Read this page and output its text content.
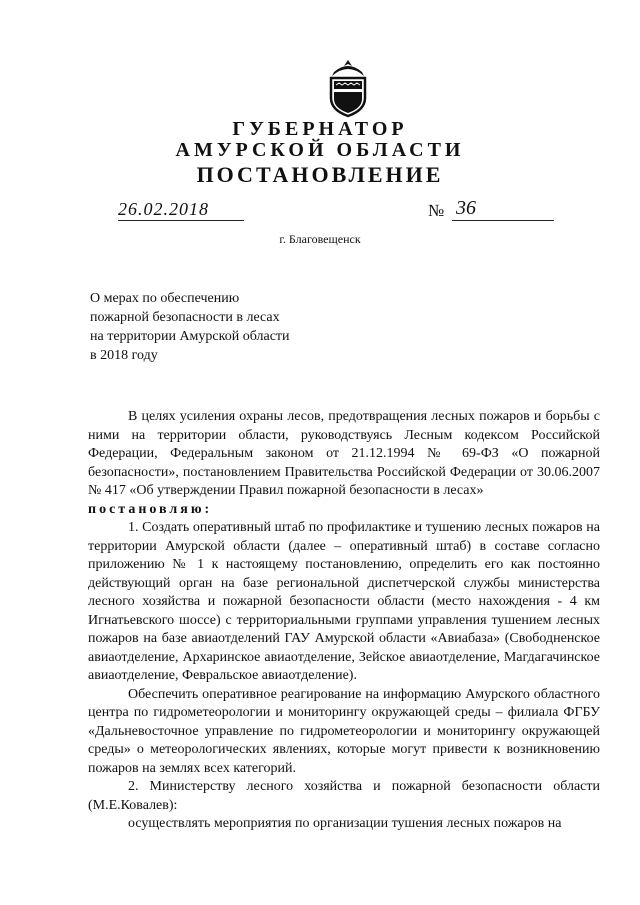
ГУБЕРНАТОР
АМУРСКОЙ ОБЛАСТИ
ПОСТАНОВЛЕНИЕ
26.02.2018	№ 36
г. Благовещенск
О мерах по обеспечению
пожарной безопасности в лесах
на территории Амурской области
в 2018 году

В целях усиления охраны лесов, предотвращения лесных пожаров и борьбы с ними на территории области, руководствуясь Лесным кодексом Российской Федерации, Федеральным законом от 21.12.1994 № 69-ФЗ «О пожарной безопасности», постановлением Правительства Российской Федерации от 30.06.2007 № 417 «Об утверждении Правил пожарной безопасности в лесах»

постановляю:

1. Создать оперативный штаб по профилактике и тушению лесных пожаров на территории Амурской области (далее – оперативный штаб) в составе согласно приложению № 1 к настоящему постановлению, определить его как постоянно действующий орган на базе региональной диспетчерской службы министерства лесного хозяйства и пожарной безопасности области (место нахождения - 4 км Игнатьевского шоссе) с территориальными группами управления тушением лесных пожаров на базе авиаотделений ГАУ Амурской области «Авиабаза» (Свободненское авиаотделение, Архаринское авиаотделение, Зейское авиаотделение, Магдагачинское авиаотделение, Февральское авиаотделение).

Обеспечить оперативное реагирование на информацию Амурского областного центра по гидрометеорологии и мониторингу окружающей среды – филиала ФГБУ «Дальневосточное управление по гидрометеорологии и мониторингу окружающей среды» о метеорологических явлениях, которые могут привести к возникновению пожаров на землях всех категорий.

2. Министерству лесного хозяйства и пожарной безопасности области (М.Е.Ковалев):

осуществлять мероприятия по организации тушения лесных пожаров на
